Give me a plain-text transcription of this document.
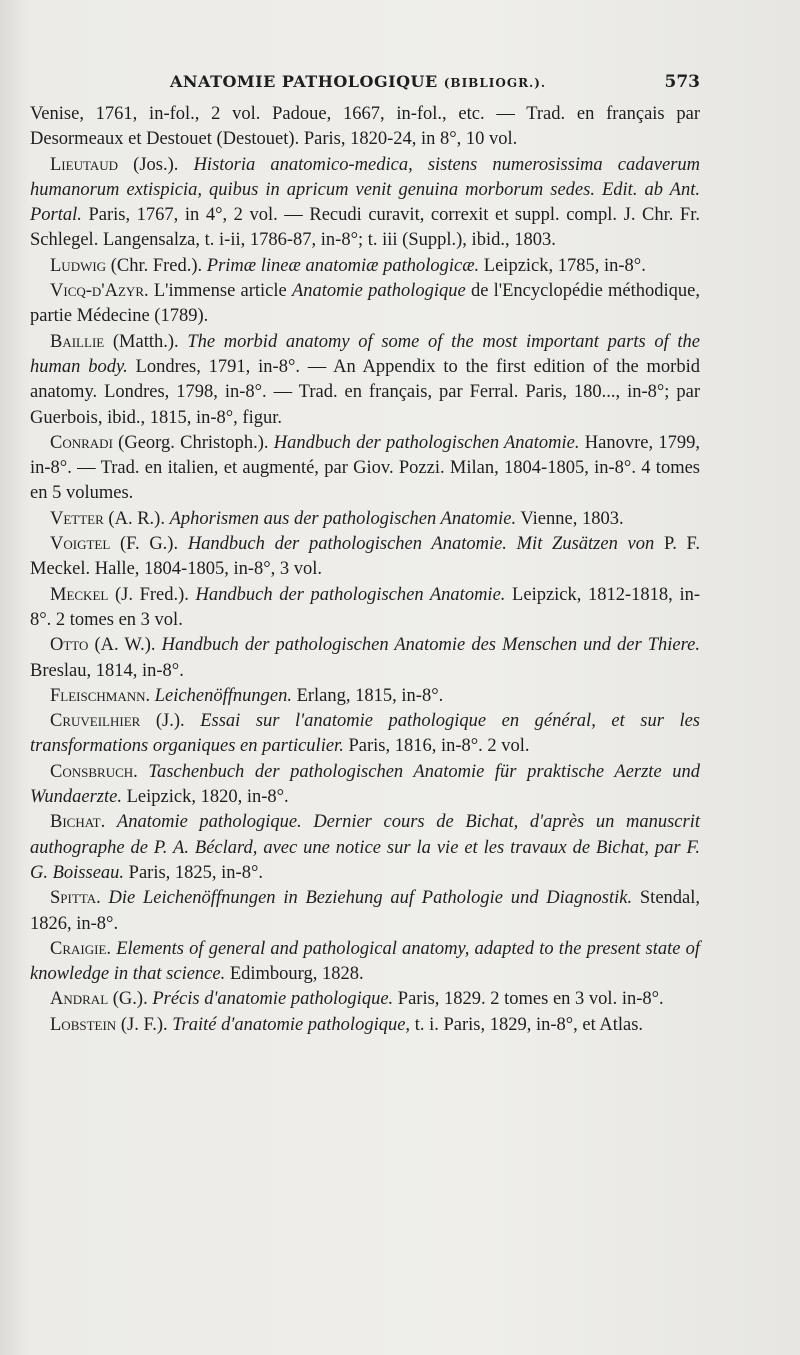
ANATOMIE PATHOLOGIQUE (BIBLIOGR.).	573

Venise, 1761, in-fol., 2 vol. Padoue, 1667, in-fol., etc. — Trad. en français par Desormeaux et Destouet (Destouet). Paris, 1820-24, in 8°, 10 vol.

Lieutaud (Jos.). Historia anatomico-medica, sistens numerosissima cadaverum humanorum extispicia, quibus in apricum venit genuina morborum sedes. Edit. ab Ant. Portal. Paris, 1767, in 4°, 2 vol. — Recudi curavit, correxit et suppl. compl. J. Chr. Fr. Schlegel. Langensalza, t. i-ii, 1786-87, in-8°; t. iii (Suppl.), ibid., 1803.

Ludwig (Chr. Fred.). Primæ lineæ anatomiæ pathologicæ. Leipzick, 1785, in-8°.

Vicq-d'Azyr. L'immense article Anatomie pathologique de l'Encyclopédie méthodique, partie Médecine (1789).

Baillie (Matth.). The morbid anatomy of some of the most important parts of the human body. Londres, 1791, in-8°. — An Appendix to the first edition of the morbid anatomy. Londres, 1798, in-8°. — Trad. en français, par Ferral. Paris, 180..., in-8°; par Guerbois, ibid., 1815, in-8°, figur.

Conradi (Georg. Christoph.). Handbuch der pathologischen Anatomie. Hanovre, 1799, in-8°. — Trad. en italien, et augmenté, par Giov. Pozzi. Milan, 1804-1805, in-8°. 4 tomes en 5 volumes.

Vetter (A. R.). Aphorismen aus der pathologischen Anatomie. Vienne, 1803.

Voigtel (F. G.). Handbuch der pathologischen Anatomie. Mit Zusätzen von P. F. Meckel. Halle, 1804-1805, in-8°, 3 vol.

Meckel (J. Fred.). Handbuch der pathologischen Anatomie. Leipzick, 1812-1818, in-8°. 2 tomes en 3 vol.

Otto (A. W.). Handbuch der pathologischen Anatomie des Menschen und der Thiere. Breslau, 1814, in-8°.

Fleischmann. Leichenöffnungen. Erlang, 1815, in-8°.

Cruveilhier (J.). Essai sur l'anatomie pathologique en général, et sur les transformations organiques en particulier. Paris, 1816, in-8°. 2 vol.

Consbruch. Taschenbuch der pathologischen Anatomie für praktische Aerzte und Wundaerzte. Leipzick, 1820, in-8°.

Bichat. Anatomie pathologique. Dernier cours de Bichat, d'après un manuscrit authographe de P. A. Béclard, avec une notice sur la vie et les travaux de Bichat, par F. G. Boisseau. Paris, 1825, in-8°.

Spitta. Die Leichenöffnungen in Beziehung auf Pathologie und Diagnostik. Stendal, 1826, in-8°.

Craigie. Elements of general and pathological anatomy, adapted to the present state of knowledge in that science. Edimbourg, 1828.

Andral (G.). Précis d'anatomie pathologique. Paris, 1829. 2 tomes en 3 vol. in-8°.

Lobstein (J. F.). Traité d'anatomie pathologique, t. i. Paris, 1829, in-8°, et Atlas.
